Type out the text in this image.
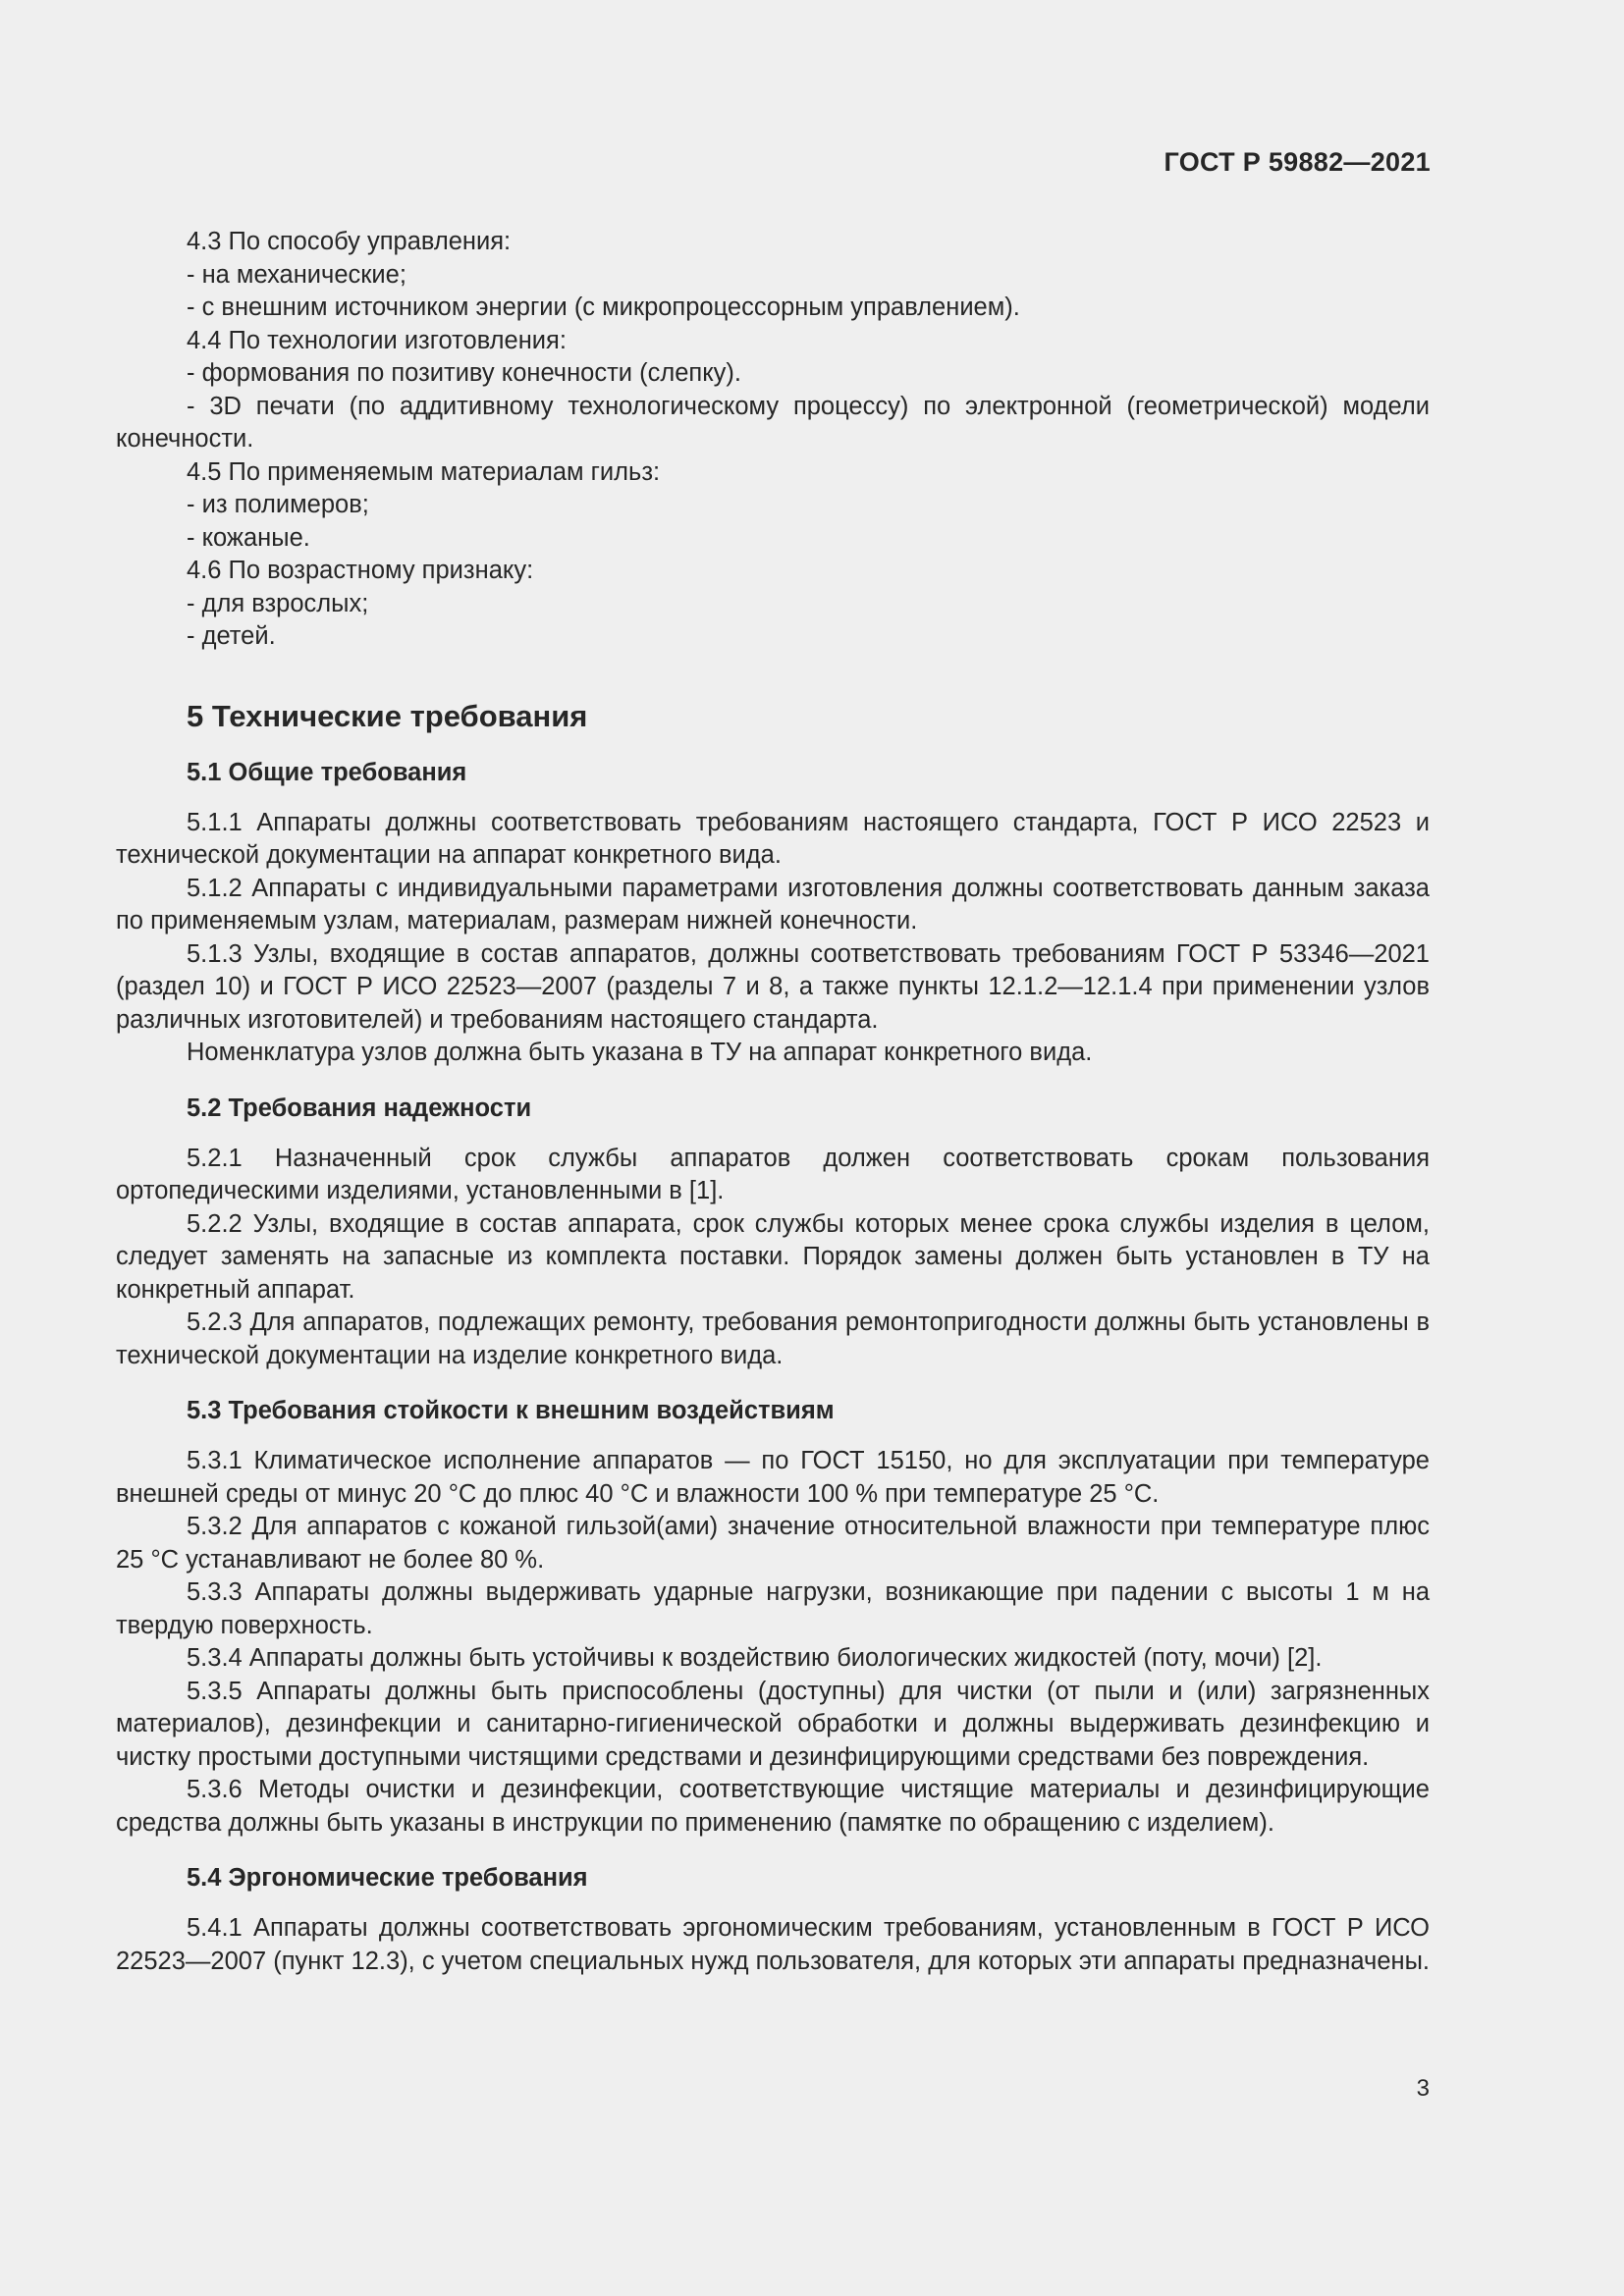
ГОСТ Р 59882—2021

4.3 По способу управления:

- на механические;

- с внешним источником энергии (с микропроцессорным управлением).

4.4 По технологии изготовления:

- формования по позитиву конечности (слепку).

- 3D печати (по аддитивному технологическому процессу) по электронной (геометрической) модели конечности.

4.5 По применяемым материалам гильз:

- из полимеров;

- кожаные.

4.6 По возрастному признаку:

- для взрослых;

- детей.

5 Технические требования
5.1 Общие требования

5.1.1 Аппараты должны соответствовать требованиям настоящего стандарта, ГОСТ Р ИСО 22523 и технической документации на аппарат конкретного вида.

5.1.2 Аппараты с индивидуальными параметрами изготовления должны соответствовать данным заказа по применяемым узлам, материалам, размерам нижней конечности.

5.1.3 Узлы, входящие в состав аппаратов, должны соответствовать требованиям ГОСТ Р 53346—2021 (раздел 10) и ГОСТ Р ИСО 22523—2007 (разделы 7 и 8, а также пункты 12.1.2—12.1.4 при применении узлов различных изготовителей) и требованиям настоящего стандарта.

Номенклатура узлов должна быть указана в ТУ на аппарат конкретного вида.

5.2 Требования надежности

5.2.1 Назначенный срок службы аппаратов должен соответствовать срокам пользования ортопедическими изделиями, установленными в [1].

5.2.2 Узлы, входящие в состав аппарата, срок службы которых менее срока службы изделия в целом, следует заменять на запасные из комплекта поставки. Порядок замены должен быть установлен в ТУ на конкретный аппарат.

5.2.3 Для аппаратов, подлежащих ремонту, требования ремонтопригодности должны быть установлены в технической документации на изделие конкретного вида.

5.3 Требования стойкости к внешним воздействиям

5.3.1 Климатическое исполнение аппаратов — по ГОСТ 15150, но для эксплуатации при температуре внешней среды от минус 20 °С до плюс 40 °С и влажности 100 % при температуре 25 °С.

5.3.2 Для аппаратов с кожаной гильзой(ами) значение относительной влажности при температуре плюс 25 °С устанавливают не более 80 %.

5.3.3 Аппараты должны выдерживать ударные нагрузки, возникающие при падении с высоты 1 м на твердую поверхность.

5.3.4 Аппараты должны быть устойчивы к воздействию биологических жидкостей (поту, мочи) [2].

5.3.5 Аппараты должны быть приспособлены (доступны) для чистки (от пыли и (или) загрязненных материалов), дезинфекции и санитарно-гигиенической обработки и должны выдерживать дезинфекцию и чистку простыми доступными чистящими средствами и дезинфицирующими средствами без повреждения.

5.3.6 Методы очистки и дезинфекции, соответствующие чистящие материалы и дезинфицирующие средства должны быть указаны в инструкции по применению (памятке по обращению с изделием).

5.4 Эргономические требования

5.4.1 Аппараты должны соответствовать эргономическим требованиям, установленным в ГОСТ Р ИСО 22523—2007 (пункт 12.3), с учетом специальных нужд пользователя, для которых эти аппараты предназначены.

3
